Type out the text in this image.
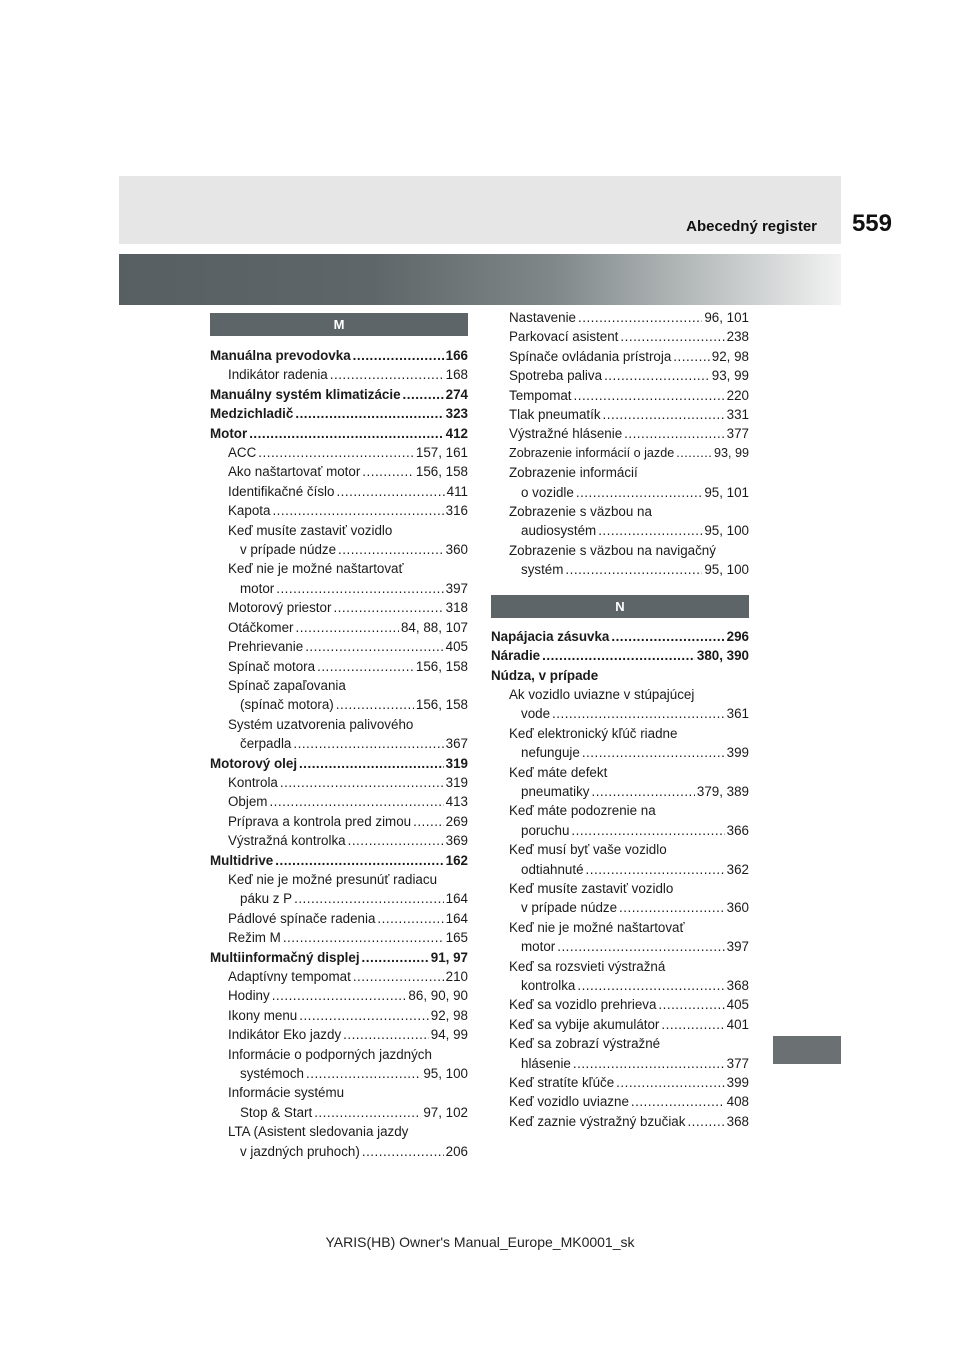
Abecedný register 559
M
Manuálna prevodovka .....	166
Indikátor radenia .....	168
Manuálny systém klimatizácie .....	274
Medzichladič .....	323
Motor .....	412
ACC .....	157, 161
Ako naštartovať motor .....	156, 158
Identifikačné číslo .....	411
Kapota .....	316
Keď musíte zastaviť vozidlo
v prípade núdze .....	360
Keď nie je možné naštartovať
motor .....	397
Motorový priestor .....	318
Otáčkomer .....	84, 88, 107
Prehrievanie .....	405
Spínač motora .....	156, 158
Spínač zapaľovania
(spínač motora) .....	156, 158
Systém uzatvorenia palivového
čerpadla .....	367
Motorový olej .....	319
Kontrola .....	319
Objem .....	413
Príprava a kontrola pred zimou .....	269
Výstražná kontrolka .....	369
Multidrive .....	162
Keď nie je možné presunúť radiacu
páku z P .....	164
Pádlové spínače radenia .....	164
Režim M .....	165
Multiinformačný displej .....	91, 97
Adaptívny tempomat .....	210
Hodiny .....	86, 90, 90
Ikony menu .....	92, 98
Indikátor Eko jazdy .....	94, 99
Informácie o podporných jazdných
systémoch .....	95, 100
Informácie systému
Stop & Start .....	97, 102
LTA (Asistent sledovania jazdy
v jazdných pruhoch) .....	206
Nastavenie .....	96, 101
Parkovací asistent .....	238
Spínače ovládania prístroja .....	92, 98
Spotreba paliva .....	93, 99
Tempomat .....	220
Tlak pneumatík .....	331
Výstražné hlásenie .....	377
Zobrazenie informácií o jazde .....	93, 99
Zobrazenie informácií
o vozidle .....	95, 101
Zobrazenie s väzbou na
audiosystém .....	95, 100
Zobrazenie s väzbou na navigačný
systém .....	95, 100
N
Napájacia zásuvka .....	296
Náradie .....	380, 390
Núdza, v prípade
Ak vozidlo uviazne v stúpajúcej
vode .....	361
Keď elektronický kľúč riadne
nefunguje .....	399
Keď máte defekt
pneumatiky .....	379, 389
Keď máte podozrenie na
poruchu .....	366
Keď musí byť vaše vozidlo
odtiahnuté .....	362
Keď musíte zastaviť vozidlo
v prípade núdze .....	360
Keď nie je možné naštartovať
motor .....	397
Keď sa rozsvieti výstražná
kontrolka .....	368
Keď sa vozidlo prehrieva .....	405
Keď sa vybije akumulátor .....	401
Keď sa zobrazí výstražné
hlásenie .....	377
Keď stratíte kľúče .....	399
Keď vozidlo uviazne .....	408
Keď zaznie výstražný bzučiak .....	368
YARIS(HB) Owner's Manual_Europe_MK0001_sk
